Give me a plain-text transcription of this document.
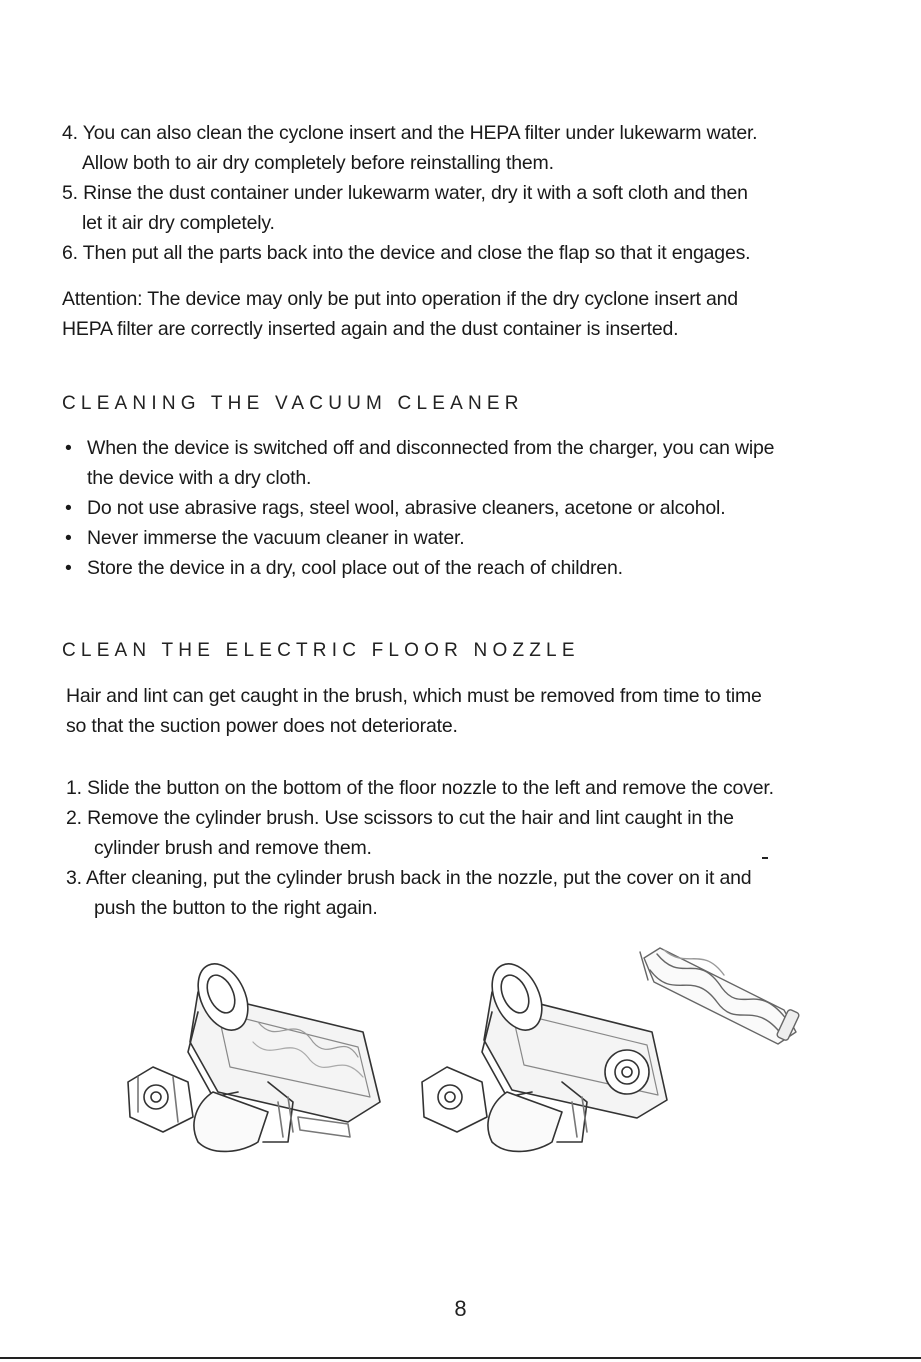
4. You can also clean the cyclone insert and the HEPA filter under lukewarm water.
Allow both to air dry completely before reinstalling them.
5. Rinse the dust container under lukewarm water, dry it with a soft cloth and then
let it air dry completely.
6. Then put all the parts back into the device and close the flap so that it engages.
Attention: The device may only be put into operation if the dry cyclone insert and
HEPA filter are correctly inserted again and the dust container is inserted.
CLEANING THE VACUUM CLEANER
• When the device is switched off and disconnected from the charger, you can wipe
the device with a dry cloth.
• Do not use abrasive rags, steel wool, abrasive cleaners, acetone or alcohol.
• Never immerse the vacuum cleaner in water.
• Store the device in a dry, cool place out of the reach of children.
CLEAN THE ELECTRIC FLOOR NOZZLE
Hair and lint can get caught in the brush, which must be removed from time to time
so that the suction power does not deteriorate.
1. Slide the button on the bottom of the floor nozzle to the left and remove the cover.
2. Remove the cylinder brush. Use scissors to cut the hair and lint caught in the
cylinder brush and remove them.
3. After cleaning, put the cylinder brush back in the nozzle, put the cover on it and
push the button to the right again.
8
